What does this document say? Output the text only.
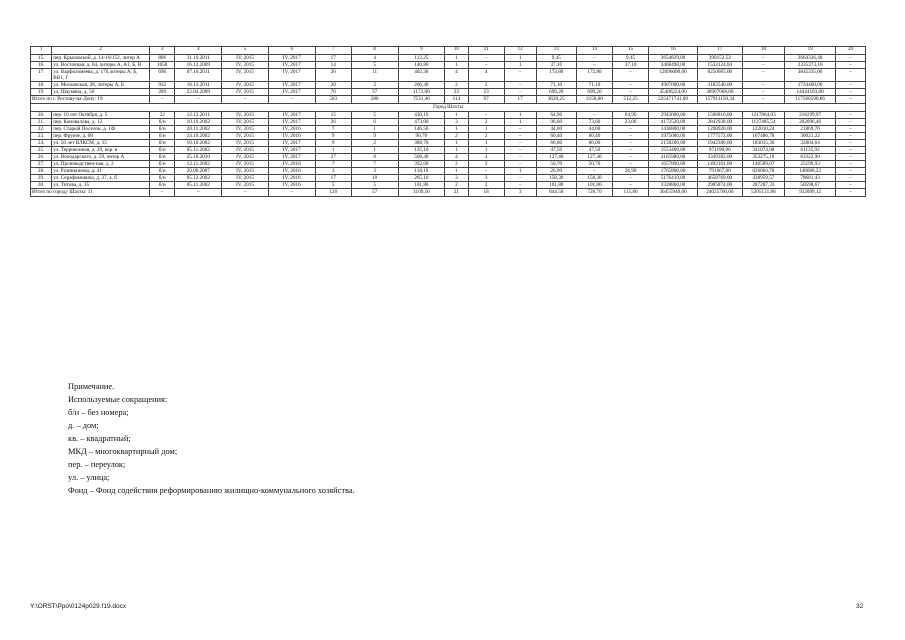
1	2	3	4	5	6	7	8	9	10	11	12	13	14	15	16	17	18	19	20
15.	пер. Крыловской, д. 14-16/152, литер А	806	31.10.2011	IV, 2015	IV, 2017	17	4	112,25	1	–	1	9,45	–	9,45	3654829,00	390152,52	–	2664336,48	–
16.	ул. Восточная, д. 64, литеры А, А1, Б, В	1058	16.12.2009	IV, 2015	IV, 2017	14	5	140,80	1	–	1	37,10	–	37,10	3468498,00	1533124,84	–	2335373,16	–
17.	ул. Варфоломеева, д. 176,литеры А, Б, ВВ1, Г	696	07.10.2011	IV, 2015	IV, 2017	26	11	402,36	4	4	–	172,80	172,80	–	12096000,00	8250665,00	–	3845335,00	–
18.	ул. Московская, 28, литеры А, Б	932	16.12.2011	IV, 2015	IV, 2017	20	2	266,40	2	2	–	71,10	71,10	–	4907000,00	3182540,00	–	1724460,00	–
19.	ул. Шаумяна, д. 56	289	22.04.2009	IV, 2015	IV, 2017	70	37	1172,00	23	23	–	699,20	699,20	–	45486224,00	30907068,00	–	14444163,00	–
Итого по г. Ростову-на-Дону: 19		–	–	–	–	503	280	7531,46	114	97	17	3620,25	3158,00	512,25	225471741,00	157911150,34	–	117560590,66	–
Город Шахты																			
20.	пер. 10 лет Октября, д. 5	22	12.12.2011	IV, 2015	IV, 2017	15	5	430,10	1	–	1	64,90	–	64,90	2943000,00	1506816,00	1217864,03	218299,97	–
21.	пер. Коновалова, д. 12	б/н	10.10.2002	IV, 2015	IV, 2017	26	6	473,00	3	2	1	96,60	73,60	23,00	4172520,00	2842938,00	1127485,54	202096,46	–
22.	пер. Старый Поселок, д. 1Ф	б/н	20.11.2002	IV, 2015	IV, 2016	7	1	146,56	1	1	–	44,00	44,00	–	1436800,00	1298920,00	122010,24	21869,76	–
23.	пер. Фрунзе, д. 68	б/н	24.10.2002	IV, 2015	IV, 2016	9	9	90,70	2	2	–	60,40	60,40	–	1975080,00	1777572,00	167486,78	30021,22	–
24.	ул. 50 лет ВЛКСМ, д. 15	б/н	10.10.2002	IV, 2015	IV, 2017	9	2	388,70	1	1	–	66,00	66,00	–	2158200,00	1942380,00	183015,36	32804,64	–
25.	ул. Терриконная, д. 20, кор. в	б/н	05.11.2002	IV, 2015	IV, 2017	1	1	135,10	1	1	–	47,50	47,50	–	1553400,00	971190,00	341074,08	61135,92	–
26.	ул. Володарского, д. 59, литер А	б/н	25.10.2010	IV, 2015	IV, 2017	27	8	568,40	4	4	–	127,40	127,40	–	4165980,00	3349382,00	353275,10	63322,90	–
27.	ул. Производствен-ная, д. 2	б/н	12.11.2002	IV, 2015	IV, 2016	7	7	392,00	2	2	–	50,70	50,70	–	1657890,00	1492101,00	140589,07	25199,93	–
28.	ул. Разинкинова, д. 41	б/н	20.06.2007	IV, 2015	IV, 2016	3	3	118,10	1	–	1	26,90	–	26,90	1765800,00	791667,00	826064,78	148068,22	–
29.	ул. Серафимовича, д. 37, а, б	б/н	05.12.2002	IV, 2015	IV, 2016	17	10	265,10	3	3	–	158,30	158,30	–	5176410,00	4658769,00	438959,57	78681,43	–
30.	ул. Титова, д. 35	б/н	05.11.2002	IV, 2015	IV, 2016	5	5	101,80	2	2	–	101,80	101,80	–	3328860,00	2905874,00	287287,33	50598,67	–
Итого по городу Шахты: 11		–	–	–	–	126	57	3109,56	21	18	3	844,50	728,70	115,80	30455940,00	24025700,00	5205131,88	932099,12	–
Примечание.
Используемые сокращения:
б/н – без номера;
д. – дом;
кв. – квадратный;
МКД – многоквартирный дом;
пер. – переулок;
ул. – улица;
Фонд – Фонд содействия реформированию жилищно-коммунального хозяйства.
Y:\ORST\Ppo\0124p029.f19.docx	32
